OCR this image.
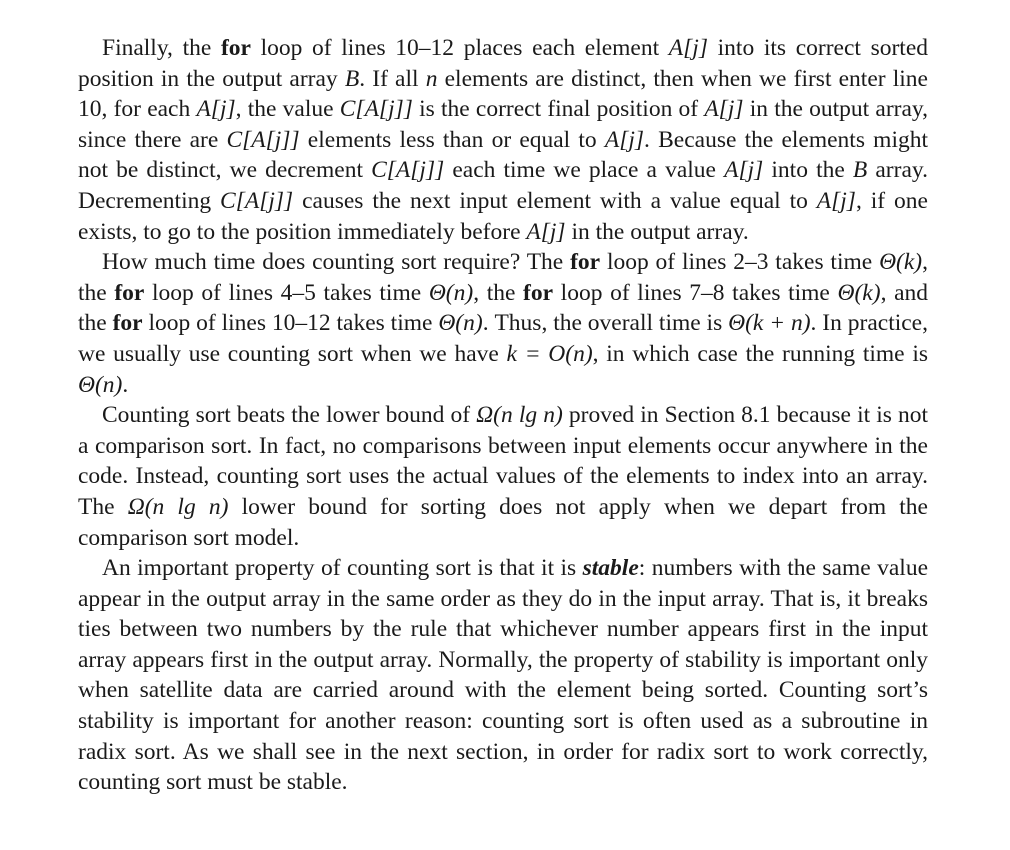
Finally, the for loop of lines 10–12 places each element A[j] into its correct sorted position in the output array B. If all n elements are distinct, then when we first enter line 10, for each A[j], the value C[A[j]] is the correct final position of A[j] in the output array, since there are C[A[j]] elements less than or equal to A[j]. Because the elements might not be distinct, we decrement C[A[j]] each time we place a value A[j] into the B array. Decrementing C[A[j]] causes the next input element with a value equal to A[j], if one exists, to go to the position immediately before A[j] in the output array.

How much time does counting sort require? The for loop of lines 2–3 takes time Θ(k), the for loop of lines 4–5 takes time Θ(n), the for loop of lines 7–8 takes time Θ(k), and the for loop of lines 10–12 takes time Θ(n). Thus, the overall time is Θ(k + n). In practice, we usually use counting sort when we have k = O(n), in which case the running time is Θ(n).

Counting sort beats the lower bound of Ω(n lg n) proved in Section 8.1 because it is not a comparison sort. In fact, no comparisons between input elements occur anywhere in the code. Instead, counting sort uses the actual values of the elements to index into an array. The Ω(n lg n) lower bound for sorting does not apply when we depart from the comparison sort model.

An important property of counting sort is that it is stable: numbers with the same value appear in the output array in the same order as they do in the input array. That is, it breaks ties between two numbers by the rule that whichever number appears first in the input array appears first in the output array. Normally, the property of stability is important only when satellite data are carried around with the element being sorted. Counting sort’s stability is important for another reason: counting sort is often used as a subroutine in radix sort. As we shall see in the next section, in order for radix sort to work correctly, counting sort must be stable.
